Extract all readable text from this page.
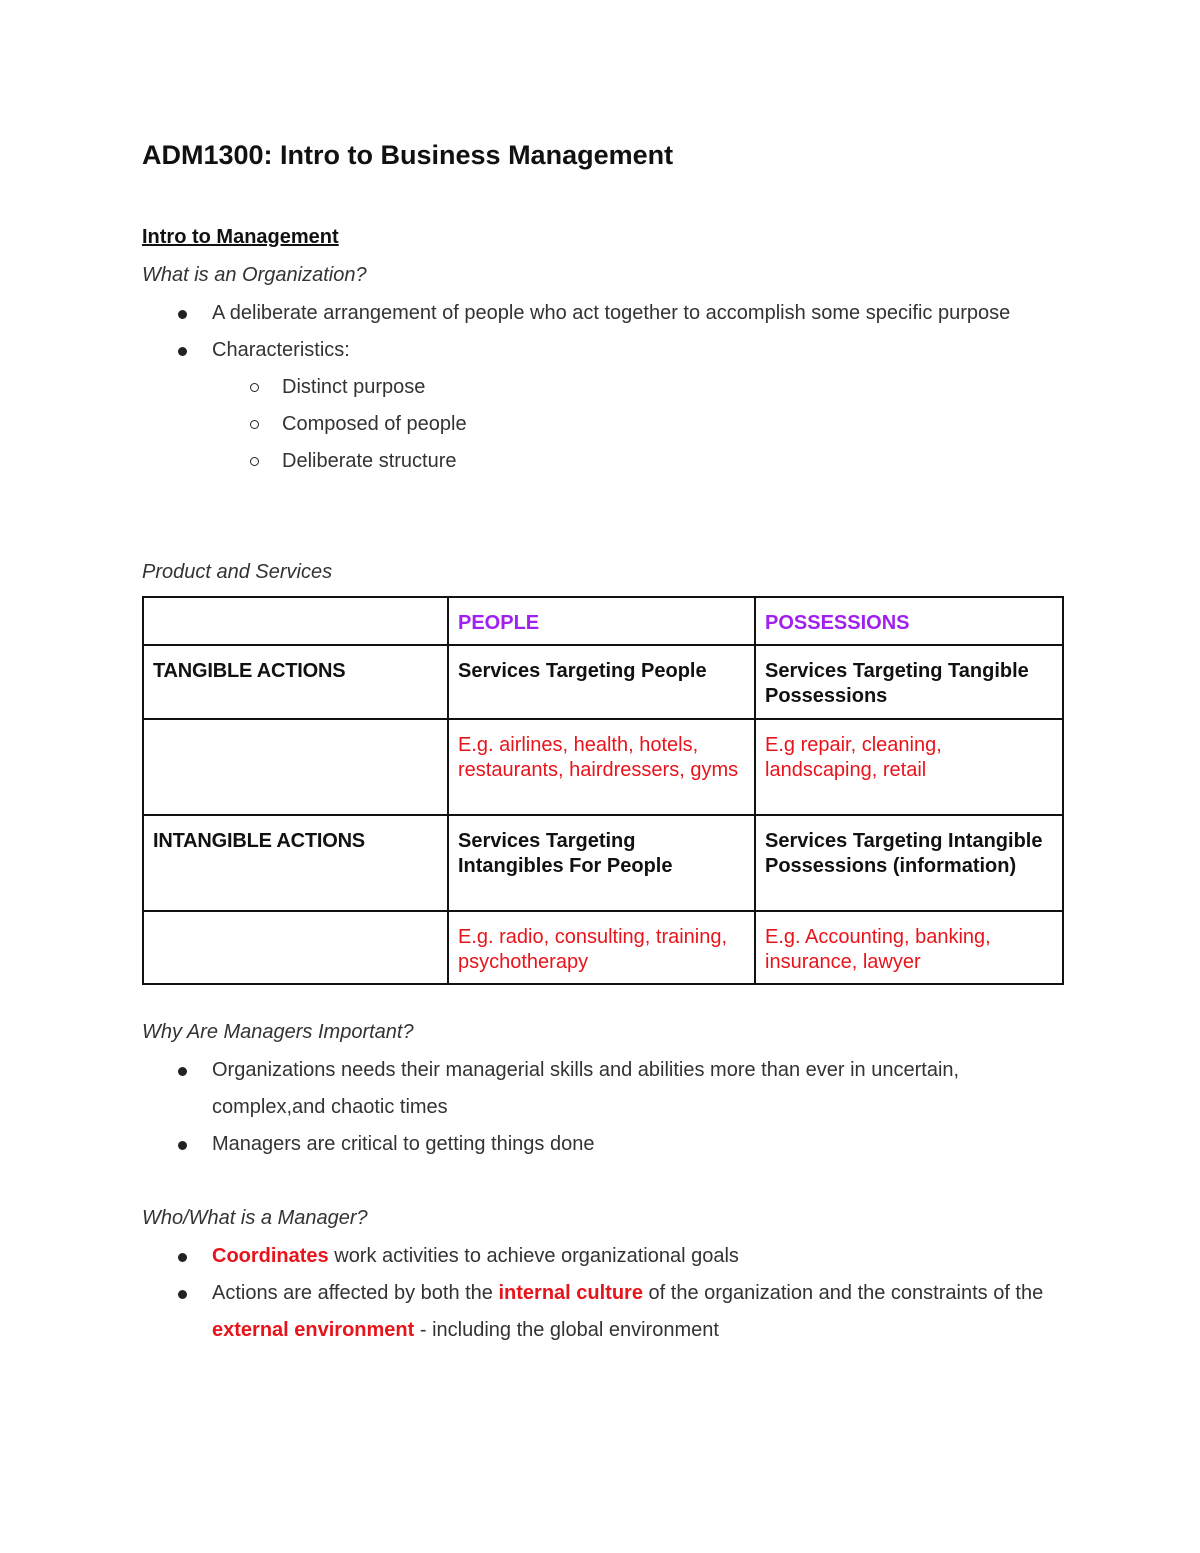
ADM1300: Intro to Business Management
Intro to Management
What is an Organization?
A deliberate arrangement of people who act together to accomplish some specific purpose
Characteristics:
Distinct purpose
Composed of people
Deliberate structure
Product and Services
	PEOPLE	POSSESSIONS
TANGIBLE ACTIONS	Services Targeting People	Services Targeting Tangible Possessions
	E.g. airlines, health, hotels, restaurants, hairdressers, gyms	E.g repair, cleaning, landscaping, retail
INTANGIBLE ACTIONS	Services Targeting Intangibles For People	Services Targeting Intangible Possessions (information)
	E.g. radio, consulting, training, psychotherapy	E.g. Accounting, banking, insurance, lawyer
Why Are Managers Important?
Organizations needs their managerial skills and abilities more than ever in uncertain, complex,and chaotic times
Managers are critical to getting things done
Who/What is a Manager?
Coordinates work activities to achieve organizational goals
Actions are affected by both the internal culture of the organization and the constraints of the external environment - including the global environment
